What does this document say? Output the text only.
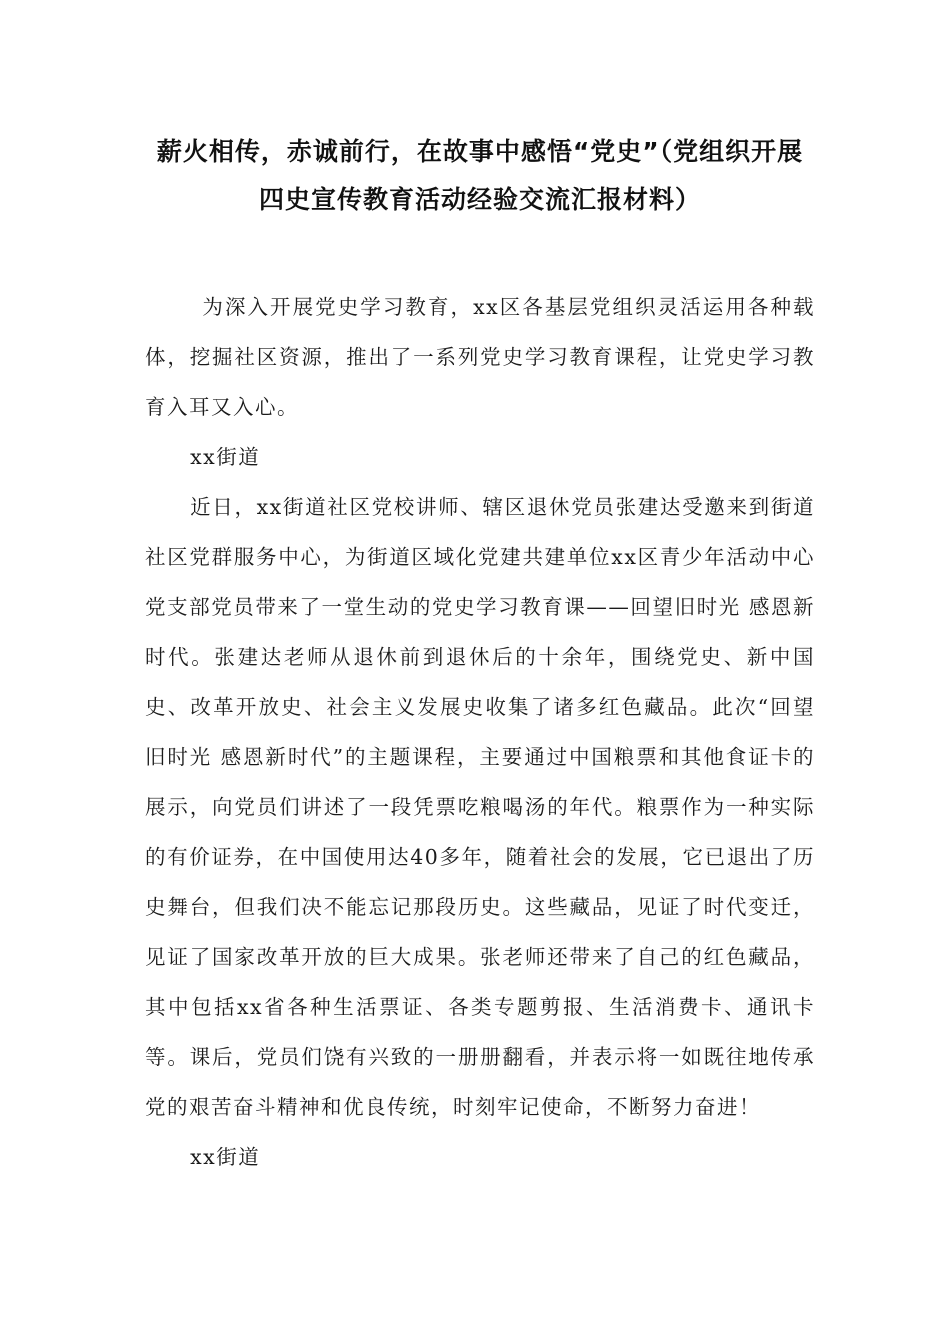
薪火相传，赤诚前行，在故事中感悟“党史”（党组织开展四史宣传教育活动经验交流汇报材料）

为深入开展党史学习教育，xx区各基层党组织灵活运用各种载体，挖掘社区资源，推出了一系列党史学习教育课程，让党史学习教育入耳又入心。

xx街道

近日，xx街道社区党校讲师、辖区退休党员张建达受邀来到街道社区党群服务中心，为街道区域化党建共建单位xx区青少年活动中心党支部党员带来了一堂生动的党史学习教育课——回望旧时光 感恩新时代。张建达老师从退休前到退休后的十余年，围绕党史、新中国史、改革开放史、社会主义发展史收集了诸多红色藏品。此次“回望旧时光 感恩新时代”的主题课程，主要通过中国粮票和其他食证卡的展示，向党员们讲述了一段凭票吃粮喝汤的年代。粮票作为一种实际的有价证券，在中国使用达40多年，随着社会的发展，它已退出了历史舞台，但我们决不能忘记那段历史。这些藏品，见证了时代变迁，见证了国家改革开放的巨大成果。张老师还带来了自己的红色藏品，其中包括xx省各种生活票证、各类专题剪报、生活消费卡、通讯卡等。课后，党员们饶有兴致的一册册翻看，并表示将一如既往地传承党的艰苦奋斗精神和优良传统，时刻牢记使命，不断努力奋进！

xx街道
